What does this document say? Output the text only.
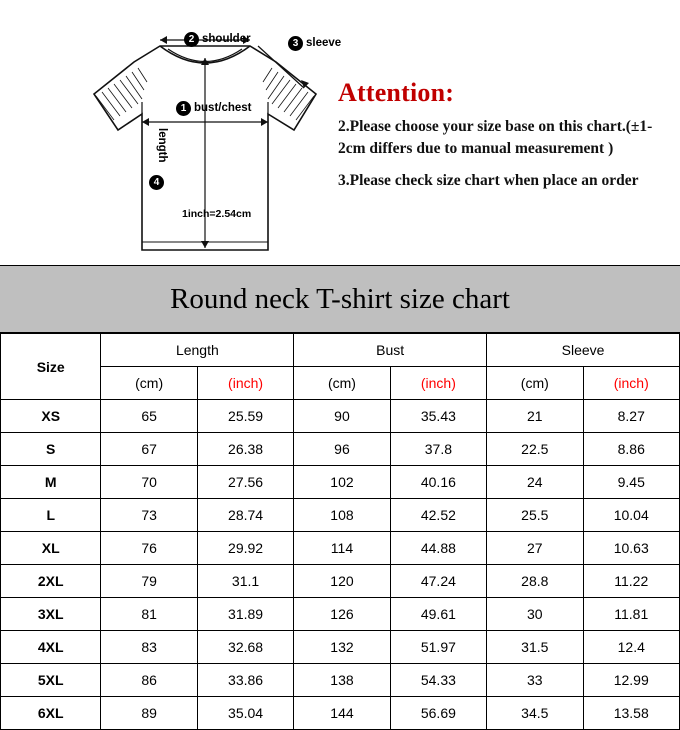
2 shoulder	3 sleeve
1 bust/chest
4
length
1inch=2.54cm

Attention:

2.Please choose your size base on this chart.(±1-2cm differs due to manual measurement )

3.Please check size chart when place an order

Round neck T-shirt size chart
Size	Length		Bust		Sleeve	
	(cm)	(inch)	(cm)	(inch)	(cm)	(inch)
XS	65	25.59	90	35.43	21	8.27
S	67	26.38	96	37.8	22.5	8.86
M	70	27.56	102	40.16	24	9.45
L	73	28.74	108	42.52	25.5	10.04
XL	76	29.92	114	44.88	27	10.63
2XL	79	31.1	120	47.24	28.8	11.22
3XL	81	31.89	126	49.61	30	11.81
4XL	83	32.68	132	51.97	31.5	12.4
5XL	86	33.86	138	54.33	33	12.99
6XL	89	35.04	144	56.69	34.5	13.58
